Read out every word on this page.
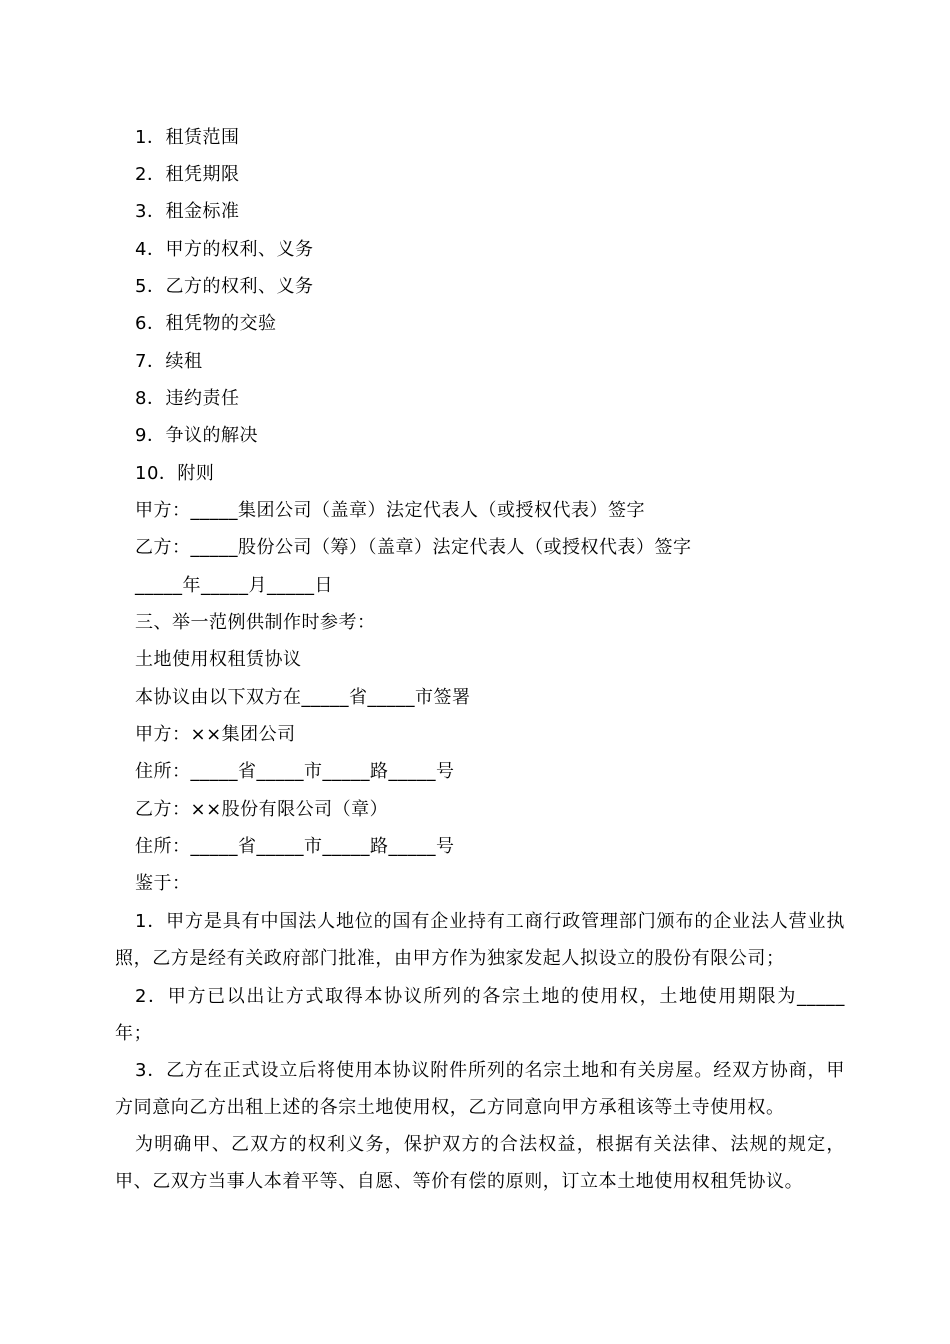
1．租赁范围
2．租凭期限
3．租金标准
4．甲方的权利、义务
5．乙方的权利、义务
6．租凭物的交验
7．续租
8．违约责任
9．争议的解决
10．附则
甲方：_____集团公司（盖章）法定代表人（或授权代表）签字
乙方：_____股份公司（筹）（盖章）法定代表人（或授权代表）签字
_____年_____月_____日
三、举一范例供制作时参考：
土地使用权租赁协议
本协议由以下双方在_____省_____市签署
甲方：××集团公司
住所：_____省_____市_____路_____号
乙方：××股份有限公司（章）
住所：_____省_____市_____路_____号
鉴于：
1．甲方是具有中国法人地位的国有企业持有工商行政管理部门颁布的企业法人营业执照，乙方是经有关政府部门批准，由甲方作为独家发起人拟设立的股份有限公司；
2．甲方已以出让方式取得本协议所列的各宗土地的使用权，土地使用期限为_____年；
3．乙方在正式设立后将使用本协议附件所列的名宗土地和有关房屋。经双方协商，甲方同意向乙方出租上述的各宗土地使用权，乙方同意向甲方承租该等土寺使用权。
为明确甲、乙双方的权利义务，保护双方的合法权益，根据有关法律、法规的规定，甲、乙双方当事人本着平等、自愿、等价有偿的原则，订立本土地使用权租凭协议。
